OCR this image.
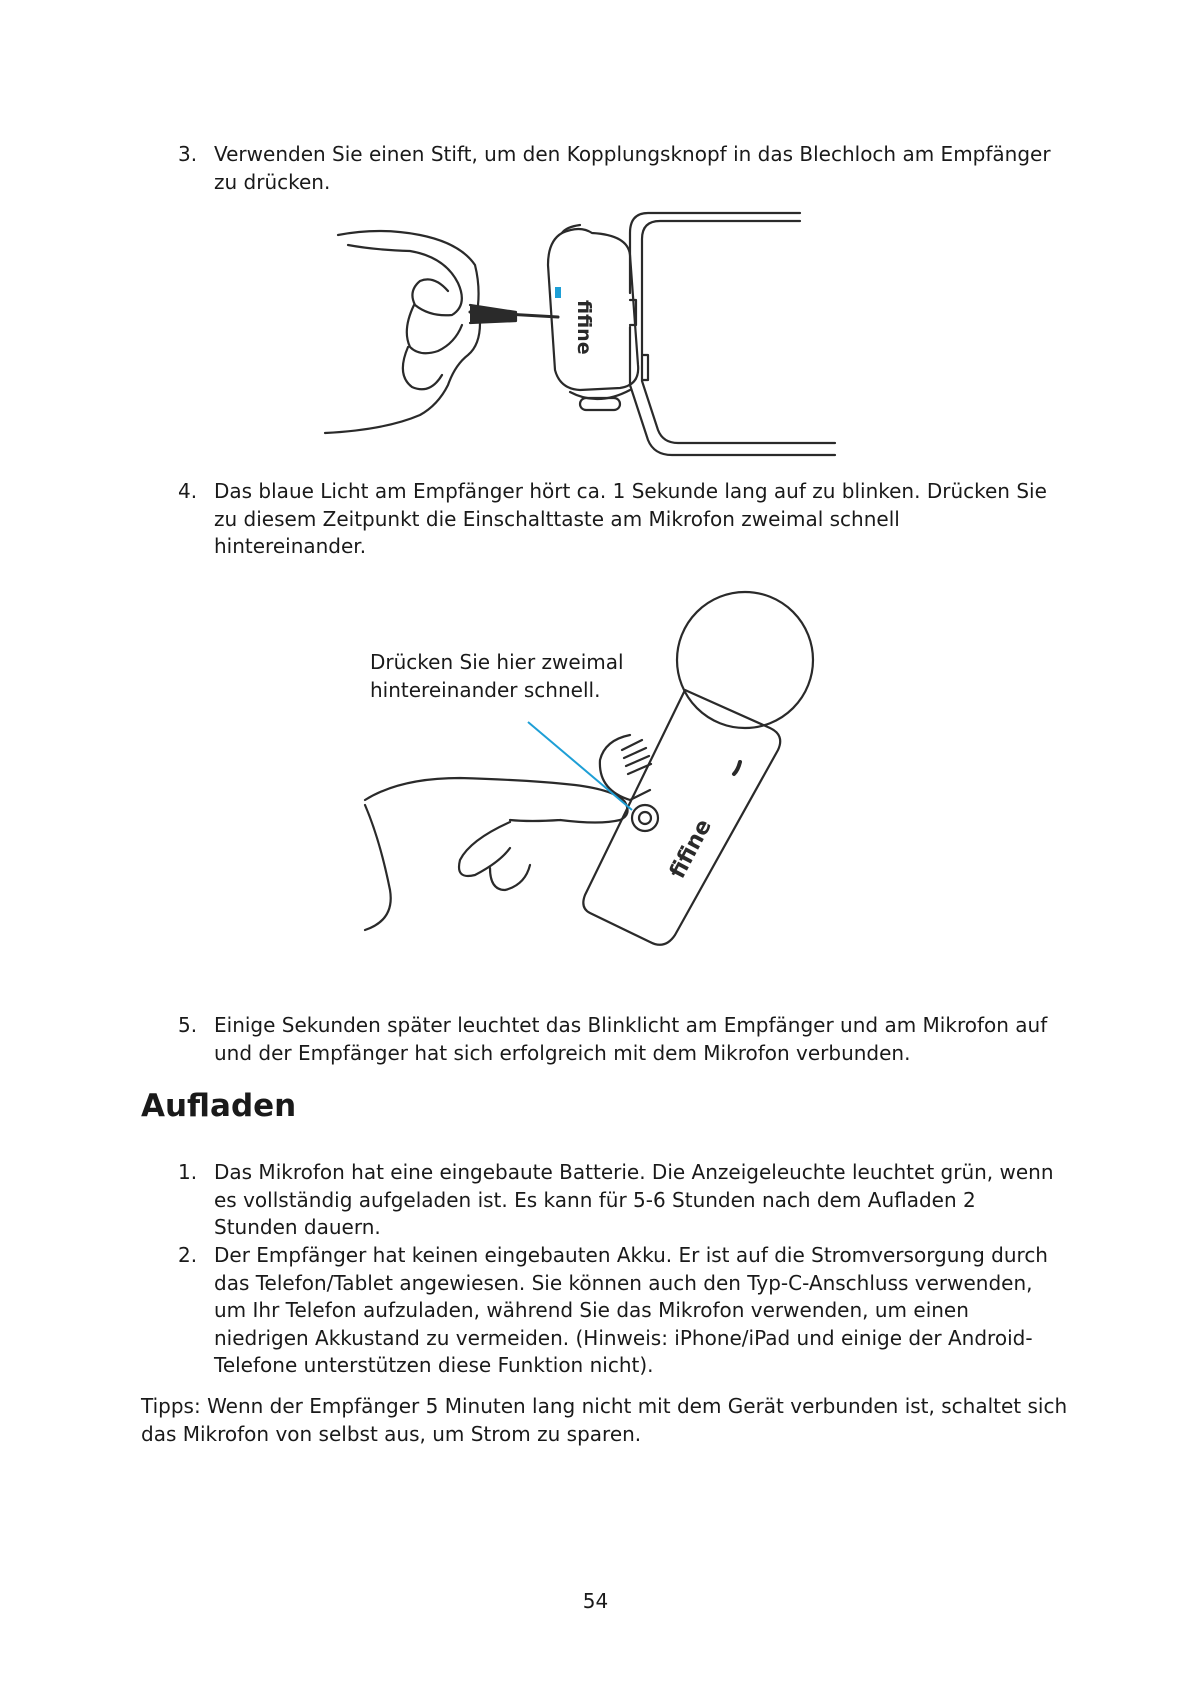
3. Verwenden Sie einen Stift, um den Kopplungsknopf in das Blechloch am Empfänger zu drücken.
fifine
4. Das blaue Licht am Empfänger hört ca. 1 Sekunde lang auf zu blinken. Drücken Sie zu diesem Zeitpunkt die Einschalttaste am Mikrofon zweimal schnell hintereinander.
Drücken Sie hier zweimal hintereinander schnell.
fifine
5. Einige Sekunden später leuchtet das Blinklicht am Empfänger und am Mikrofon auf und der Empfänger hat sich erfolgreich mit dem Mikrofon verbunden.
Aufladen
1. Das Mikrofon hat eine eingebaute Batterie. Die Anzeigeleuchte leuchtet grün, wenn es vollständig aufgeladen ist. Es kann für 5-6 Stunden nach dem Aufladen 2 Stunden dauern.
2. Der Empfänger hat keinen eingebauten Akku. Er ist auf die Stromversorgung durch das Telefon/Tablet angewiesen. Sie können auch den Typ-C-Anschluss verwenden, um Ihr Telefon aufzuladen, während Sie das Mikrofon verwenden, um einen niedrigen Akkustand zu vermeiden. (Hinweis: iPhone/iPad und einige der Android-Telefone unterstützen diese Funktion nicht).
Tipps: Wenn der Empfänger 5 Minuten lang nicht mit dem Gerät verbunden ist, schaltet sich das Mikrofon von selbst aus, um Strom zu sparen.
54
